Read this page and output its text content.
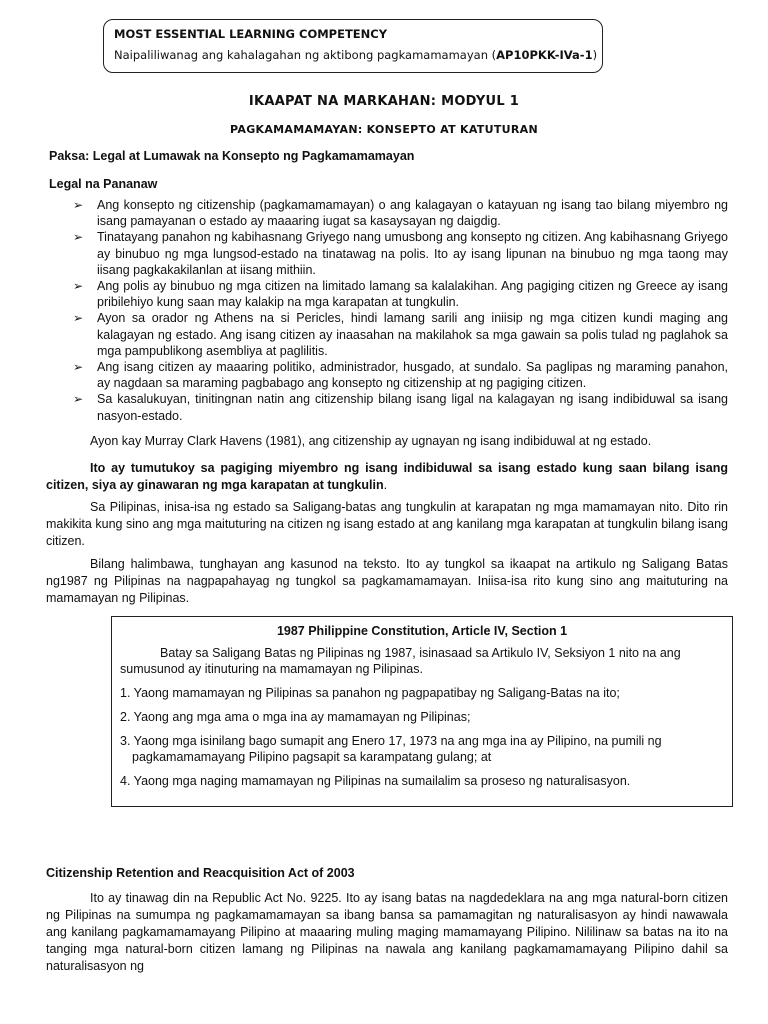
MOST ESSENTIAL LEARNING COMPETENCY
Naipaliliwanag ang kahalagahan ng aktibong pagkamamamayan (AP10PKK-IVa-1)
IKAAPAT NA MARKAHAN: MODYUL 1
PAGKAMAMAMAYAN: KONSEPTO AT KATUTURAN
Paksa: Legal at Lumawak na Konsepto ng Pagkamamamayan
Legal na Pananaw
➢ Ang konsepto ng citizenship (pagkamamamayan) o ang kalagayan o katayuan ng isang tao bilang miyembro ng isang pamayanan o estado ay maaaring iugat sa kasaysayan ng daigdig.
➢ Tinatayang panahon ng kabihasnang Griyego nang umusbong ang konsepto ng citizen. Ang kabihasnang Griyego ay binubuo ng mga lungsod-estado na tinatawag na polis. Ito ay isang lipunan na binubuo ng mga taong may iisang pagkakakilanlan at iisang mithiin.
➢ Ang polis ay binubuo ng mga citizen na limitado lamang sa kalalakihan. Ang pagiging citizen ng Greece ay isang pribilehiyo kung saan may kalakip na mga karapatan at tungkulin.
➢ Ayon sa orador ng Athens na si Pericles, hindi lamang sarili ang iniisip ng mga citizen kundi maging ang kalagayan ng estado. Ang isang citizen ay inaasahan na makilahok sa mga gawain sa polis tulad ng paglahok sa mga pampublikong asembliya at paglilitis.
➢ Ang isang citizen ay maaaring politiko, administrador, husgado, at sundalo. Sa paglipas ng maraming panahon, ay nagdaan sa maraming pagbabago ang konsepto ng citizenship at ng pagiging citizen.
➢ Sa kasalukuyan, tinitingnan natin ang citizenship bilang isang ligal na kalagayan ng isang indibiduwal sa isang nasyon-estado.
Ayon kay Murray Clark Havens (1981), ang citizenship ay ugnayan ng isang indibiduwal at ng estado.
Ito ay tumutukoy sa pagiging miyembro ng isang indibiduwal sa isang estado kung saan bilang isang citizen, siya ay ginawaran ng mga karapatan at tungkulin.
Sa Pilipinas, inisa-isa ng estado sa Saligang-batas ang tungkulin at karapatan ng mga mamamayan nito. Dito rin makikita kung sino ang mga maituturing na citizen ng isang estado at ang kanilang mga karapatan at tungkulin bilang isang citizen.
Bilang halimbawa, tunghayan ang kasunod na teksto. Ito ay tungkol sa ikaapat na artikulo ng Saligang Batas ng1987 ng Pilipinas na nagpapahayag ng tungkol sa pagkamamamayan. Iniisa-isa rito kung sino ang maituturing na mamamayan ng Pilipinas.
1987 Philippine Constitution, Article IV, Section 1
Batay sa Saligang Batas ng Pilipinas ng 1987, isinasaad sa Artikulo IV, Seksiyon 1 nito na ang sumusunod ay itinuturing na mamamayan ng Pilipinas.
1. Yaong mamamayan ng Pilipinas sa panahon ng pagpapatibay ng Saligang-Batas na ito;
2. Yaong ang mga ama o mga ina ay mamamayan ng Pilipinas;
3. Yaong mga isinilang bago sumapit ang Enero 17, 1973 na ang mga ina ay Pilipino, na pumili ng
pagkamamamayang Pilipino pagsapit sa karampatang gulang; at
4. Yaong mga naging mamamayan ng Pilipinas na sumailalim sa proseso ng naturalisasyon.
Citizenship Retention and Reacquisition Act of 2003
Ito ay tinawag din na Republic Act No. 9225. Ito ay isang batas na nagdedeklara na ang mga natural-born citizen ng Pilipinas na sumumpa ng pagkamamamayan sa ibang bansa sa pamamagitan ng naturalisasyon ay hindi nawawala ang kanilang pagkamamamayang Pilipino at maaaring muling maging mamamayang Pilipino. Nililinaw sa batas na ito na tanging mga natural-born citizen lamang ng Pilipinas na nawala ang kanilang pagkamamamayang Pilipino dahil sa naturalisasyon ng
